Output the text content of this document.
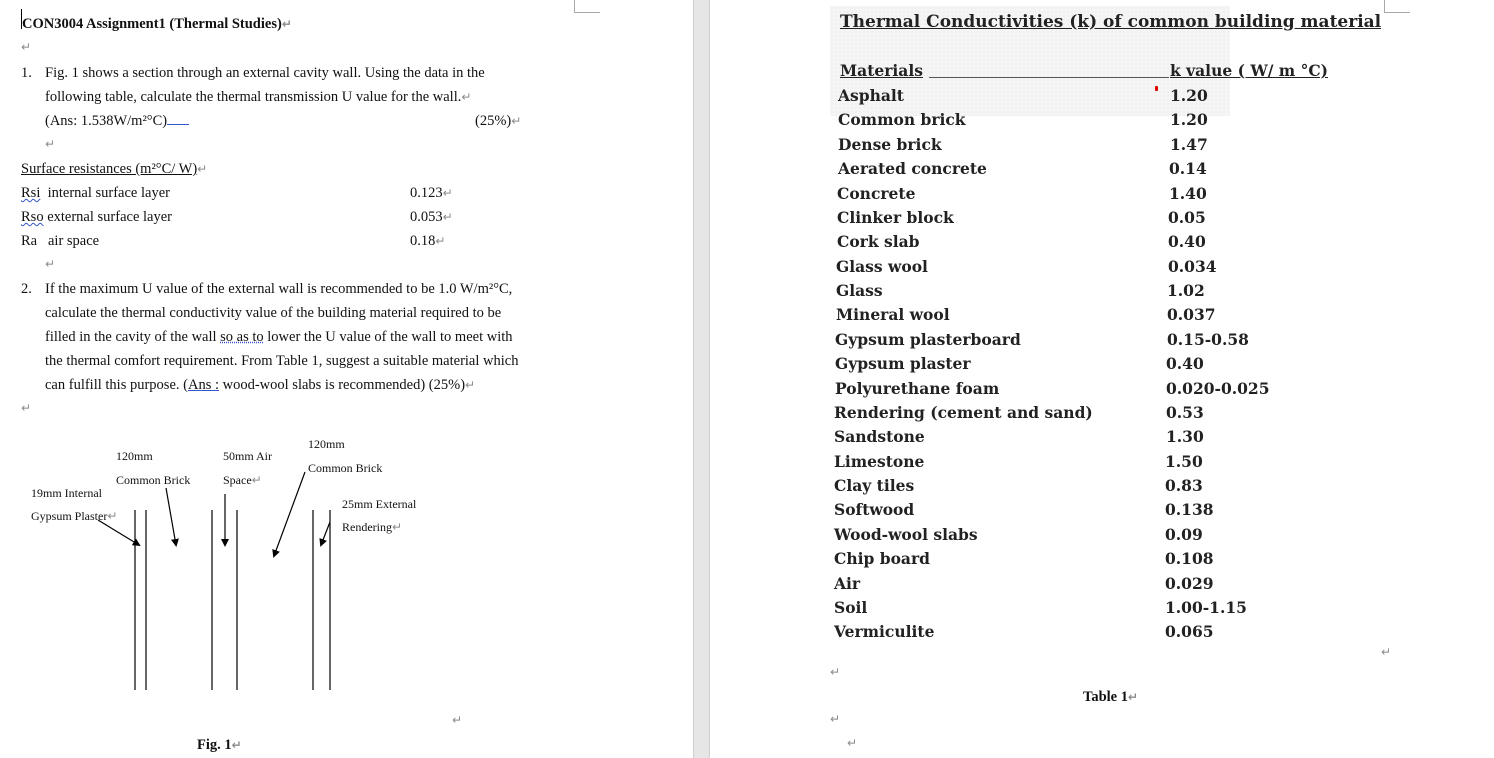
CON3004 Assignment1 (Thermal Studies)↵
↵
1. Fig. 1 shows a section through an external cavity wall. Using the data in the
following table, calculate the thermal transmission U value for the wall.↵
(Ans: 1.538W/m²°C)	(25%)↵
↵
Surface resistances (m²°C/ W)↵
Rsi internal surface layer	0.123↵
Rso external surface layer	0.053↵
Ra air space	0.18↵
↵
2. If the maximum U value of the external wall is recommended to be 1.0 W/m²°C,
calculate the thermal conductivity value of the building material required to be
filled in the cavity of the wall so as to lower the U value of the wall to meet with
the thermal comfort requirement. From Table 1, suggest a suitable material which
can fulfill this purpose. (Ans : wood-wool slabs is recommended) (25%)↵
↵
120mm
Common Brick
50mm Air
Space↵
120mm
Common Brick
19mm Internal
Gypsum Plaster↵
25mm External
Rendering↵
↵
Fig. 1↵
Thermal Conductivities (k) of common building material
Materials	k value ( W/ m °C)
Asphalt	1.20
Common brick	1.20
Dense brick	1.47
Aerated concrete	0.14
Concrete	1.40
Clinker block	0.05
Cork slab	0.40
Glass wool	0.034
Glass	1.02
Mineral wool	0.037
Gypsum plasterboard	0.15-0.58
Gypsum plaster	0.40
Polyurethane foam	0.020-0.025
Rendering (cement and sand)	0.53
Sandstone	1.30
Limestone	1.50
Clay tiles	0.83
Softwood	0.138
Wood-wool slabs	0.09
Chip board	0.108
Air	0.029
Soil	1.00-1.15
Vermiculite	0.065
↵
↵
Table 1↵
↵
↵
